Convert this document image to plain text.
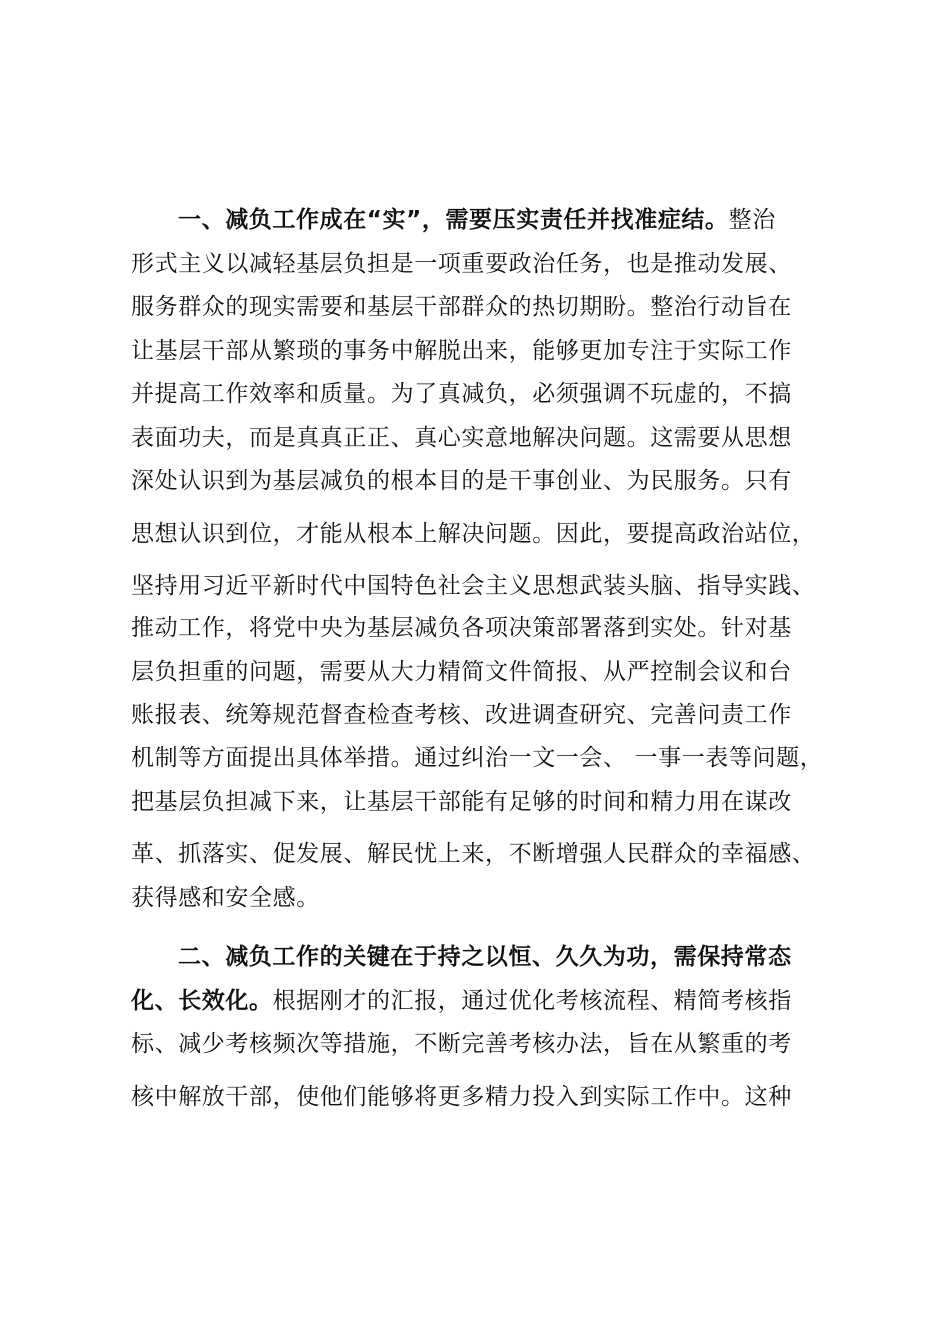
一、减负工作成在“实”，需要压实责任并找准症结。整治
形式主义以减轻基层负担是一项重要政治任务，也是推动发展、
服务群众的现实需要和基层干部群众的热切期盼。整治行动旨在
让基层干部从繁琐的事务中解脱出来，能够更加专注于实际工作
并提高工作效率和质量。为了真减负，必须强调不玩虚的，不搞
表面功夫，而是真真正正、真心实意地解决问题。这需要从思想
深处认识到为基层减负的根本目的是干事创业、为民服务。只有
思想认识到位，才能从根本上解决问题。因此，要提高政治站位，
坚持用习近平新时代中国特色社会主义思想武装头脑、指导实践、
推动工作，将党中央为基层减负各项决策部署落到实处。针对基
层负担重的问题，需要从大力精简文件简报、从严控制会议和台
账报表、统筹规范督查检查考核、改进调查研究、完善问责工作
机制等方面提出具体举措。通过纠治一文一会、 一事一表等问题，
把基层负担减下来，让基层干部能有足够的时间和精力用在谋改
革、抓落实、促发展、解民忧上来，不断增强人民群众的幸福感、
获得感和安全感。
二、减负工作的关键在于持之以恒、久久为功，需保持常态
化、长效化。根据刚才的汇报，通过优化考核流程、精简考核指
标、减少考核频次等措施，不断完善考核办法，旨在从繁重的考
核中解放干部，使他们能够将更多精力投入到实际工作中。这种
